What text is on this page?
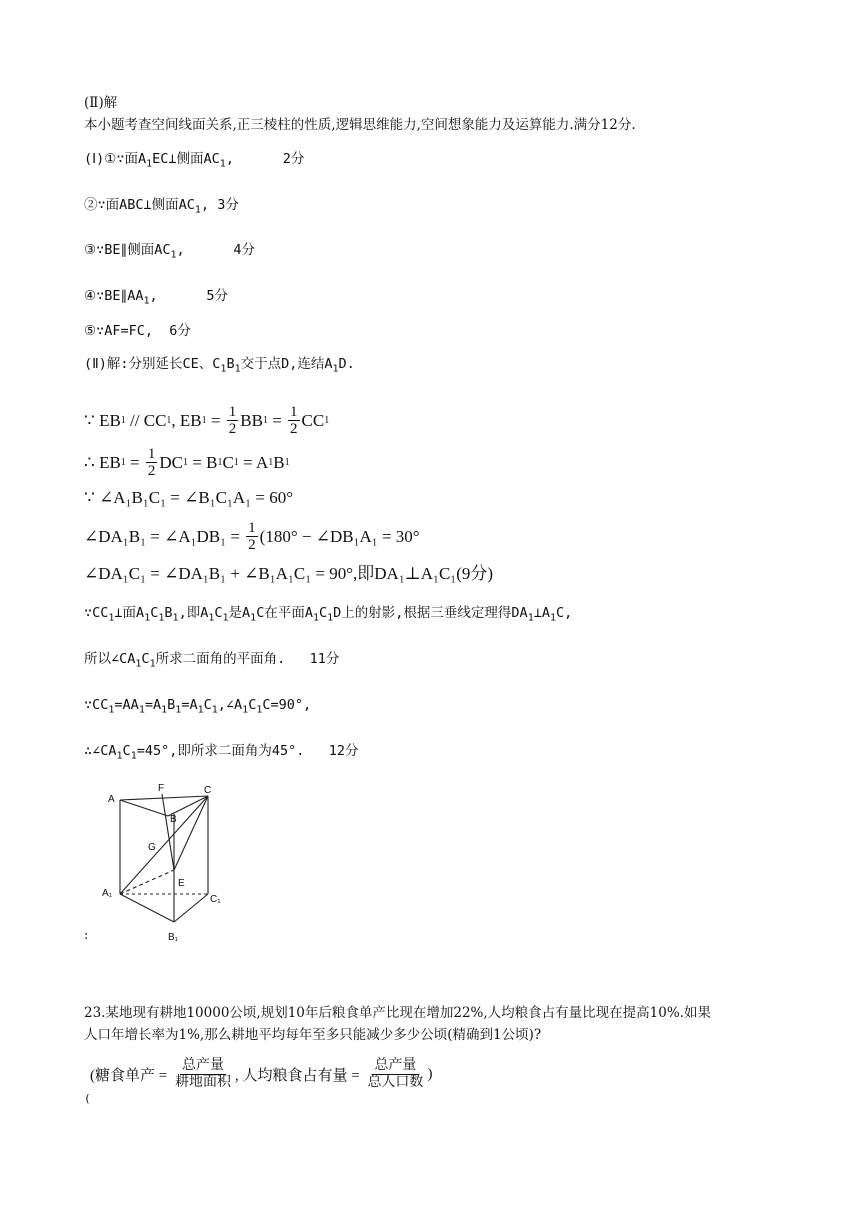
(Ⅱ)解
本小题考查空间线面关系,正三棱柱的性质,逻辑思维能力,空间想象能力及运算能力.满分12分.
(Ⅰ)①∵面$A_1EC\perp$侧面$AC_1$,      2分
②∵面ABC⊥侧面$AC_1$, 3分
③∵BE∥侧面$AC_1$,      4分
$④\because BE\parallel AA_1$,      5分
⑤∵AF=FC,  6分
(Ⅱ)解:分别延长CE、$C_1B_1$交于点D,连结$A_1D$.
∵ EB 1 // CC 1 , EB $1 = \frac{1}{2}$ BB $1 = \frac{1}{2}$ CC 1
∴ EB $1 = \frac{1}{2}$ DC 1 = B 1 C 1 = A 1 B 1
∵ ∠A₁B₁C₁ = ∠B₁C₁A₁ = 60°
∠DA₁B₁ = ∠A₁DB₁ = $\frac{1}{2} (180^\circ$ − ∠DB₁A₁ = 30°
∠DA₁C₁ = ∠DA₁B₁ + ∠B₁A₁C₁ = 90°,即DA₁⊥A₁C₁(9分)
$\because CC_1\perp$面$A_1C_1B_1$,即$A_1C_1$是$A_1C$在平面$A_1C_1D$上的射影,根据三垂线定理得$DA_1\perp A_1C$,
所以$\angle CA_1C_1$所求二面角的平面角.   11分
$\because CC_1=AA_1=A_1B_1=A_1C_1,\angle A_1C_1C=90^\circ$,
$\therefore\angle CA_1C_1=45^\circ$,即所求二面角为45°.   12分
A
F	C
B
G
E
A₁
C₁
B₁
:
23.某地现有耕地10000公顷,规划10年后粮食单产比现在增加22%,人均粮食占有量比现在提高10%.如果
人口年增长率为1%,那么耕地平均每年至多只能减少多少公顷(精确到1公顷)?
(糖食单产 = $\frac{\text{总产量}}{\text{耕地面积}}$ , 人均粮食占有量 = $\frac{\text{总产量}}{\text{总人口数}}$ )
(
